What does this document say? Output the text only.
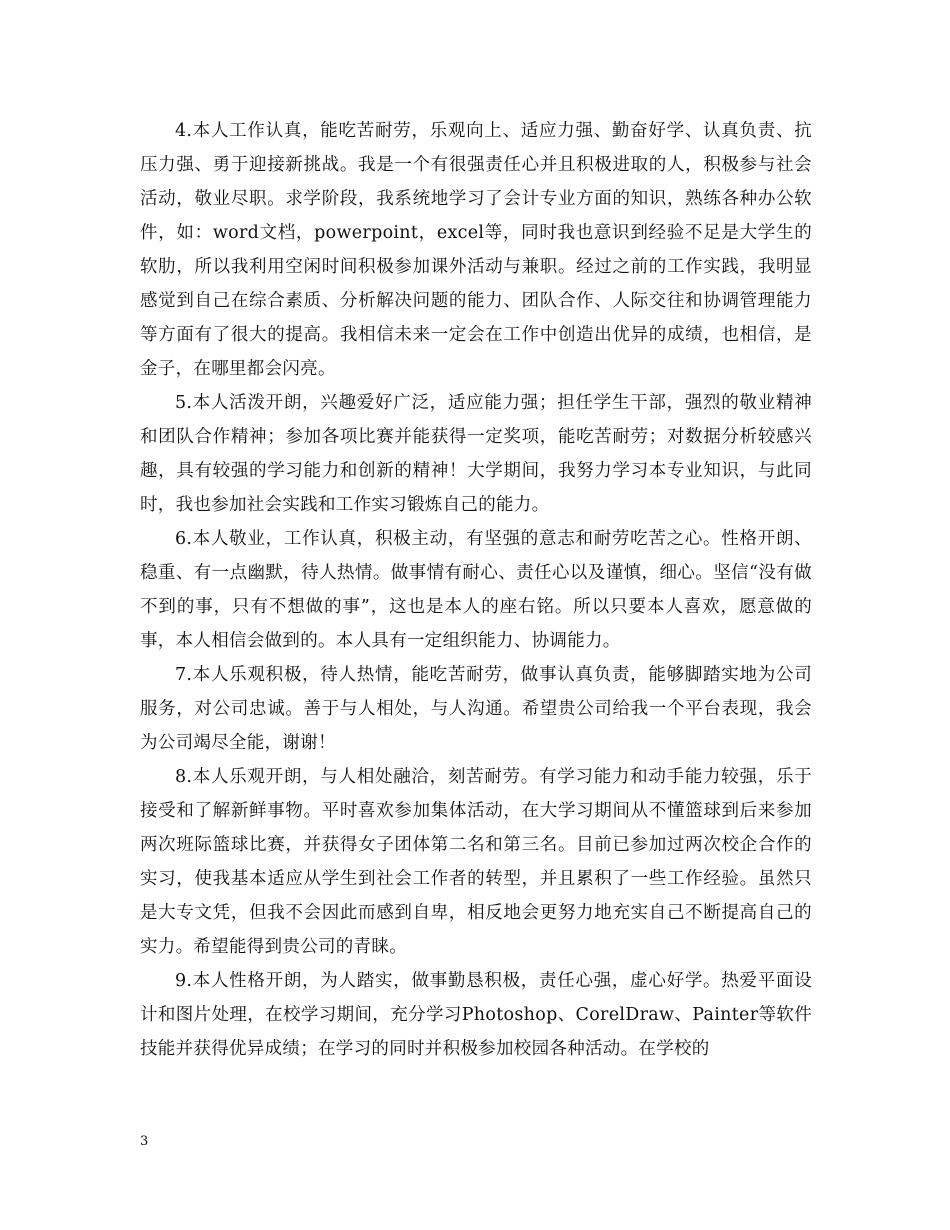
4.本人工作认真，能吃苦耐劳，乐观向上、适应力强、勤奋好学、认真负责、抗压力强、勇于迎接新挑战。我是一个有很强责任心并且积极进取的人，积极参与社会活动，敬业尽职。求学阶段，我系统地学习了会计专业方面的知识，熟练各种办公软件，如：word文档，powerpoint，excel等，同时我也意识到经验不足是大学生的软肋，所以我利用空闲时间积极参加课外活动与兼职。经过之前的工作实践，我明显感觉到自己在综合素质、分析解决问题的能力、团队合作、人际交往和协调管理能力等方面有了很大的提高。我相信未来一定会在工作中创造出优异的成绩，也相信，是金子，在哪里都会闪亮。

5.本人活泼开朗，兴趣爱好广泛，适应能力强；担任学生干部，强烈的敬业精神和团队合作精神；参加各项比赛并能获得一定奖项，能吃苦耐劳；对数据分析较感兴趣，具有较强的学习能力和创新的精神！大学期间，我努力学习本专业知识，与此同时，我也参加社会实践和工作实习锻炼自己的能力。

6.本人敬业，工作认真，积极主动，有坚强的意志和耐劳吃苦之心。性格开朗、稳重、有一点幽默，待人热情。做事情有耐心、责任心以及谨慎，细心。坚信“没有做不到的事，只有不想做的事”，这也是本人的座右铭。所以只要本人喜欢，愿意做的事，本人相信会做到的。本人具有一定组织能力、协调能力。

7.本人乐观积极，待人热情，能吃苦耐劳，做事认真负责，能够脚踏实地为公司服务，对公司忠诚。善于与人相处，与人沟通。希望贵公司给我一个平台表现，我会为公司竭尽全能，谢谢！

8.本人乐观开朗，与人相处融洽，刻苦耐劳。有学习能力和动手能力较强，乐于接受和了解新鲜事物。平时喜欢参加集体活动，在大学习期间从不懂篮球到后来参加两次班际篮球比赛，并获得女子团体第二名和第三名。目前已参加过两次校企合作的实习，使我基本适应从学生到社会工作者的转型，并且累积了一些工作经验。虽然只是大专文凭，但我不会因此而感到自卑，相反地会更努力地充实自己不断提高自己的实力。希望能得到贵公司的青睐。

9.本人性格开朗，为人踏实，做事勤恳积极，责任心强，虚心好学。热爱平面设计和图片处理，在校学习期间，充分学习Photoshop、CorelDraw、Painter等软件技能并获得优异成绩；在学习的同时并积极参加校园各种活动。在学校的

3
